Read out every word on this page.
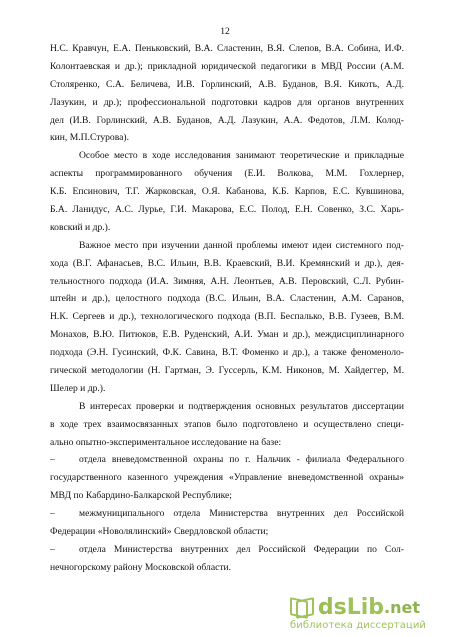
12
Н.С. Кравчун, Е.А. Пеньковский, В.А. Сластенин, В.Я. Слепов, В.А. Собина, И.Ф.
Колонтаевская и др.); прикладной юридической педагогики в МВД России (А.М.
Столяренко, С.А. Беличева, И.В. Горлинский, А.В. Буданов, В.Я. Кикоть, А.Д.
Лазукин, и др.); профессиональной подготовки кадров для органов внутренних
дел (И.В. Горлинский, А.В. Буданов, А.Д. Лазукин, А.А. Федотов, Л.М. Колод-
кин, М.П.Стурова).
Особое место в ходе исследования занимают теоретические и прикладные
аспекты программированного обучения (Е.И. Волкова, М.М. Гохлернер,
К.Б. Епсинович, Т.Г. Жарковская, О.Я. Кабанова, К.Б. Карпов, Е.С. Кувшинова,
Б.А. Ланидус, А.С. Лурье, Г.И. Макарова, Е.С. Полод, Е.Н. Совенко, З.С. Харь-
ковский и др.).
Важное место при изучении данной проблемы имеют идеи системного под-
хода (В.Г. Афанасьев, В.С. Ильин, В.В. Краевский, В.И. Кремянский и др.), дея-
тельностного подхода (И.А. Зимняя, А.Н. Леонтьев, А.В. Перовский, С.Л. Рубин-
штейн и др.), целостного подхода (В.С. Ильин, В.А. Сластенин, А.М. Саранов,
Н.К. Сергеев и др.), технологического подхода (В.П. Беспалько, В.В. Гузеев, В.М.
Монахов, В.Ю. Питюков, Е.В. Руденский, А.И. Уман и др.), междисциплинарного
подхода (Э.Н. Гусинский, Ф.К. Савина, В.Т. Фоменко и др.), а также феноменоло-
гической методологии (Н. Гартман, Э. Гуссерль, К.М. Никонов, М. Хайдеггер, М.
Шелер и др.).
В интересах проверки и подтверждения основных результатов диссертации
в ходе трех взаимосвязанных этапов было подготовлено и осуществлено специ-
ально опытно-экспериментальное исследование на базе:
– отдела вневедомственной охраны по г. Нальчик - филиала Федерального
государственного казенного учреждения «Управление вневедомственной охраны»
МВД по Кабардино-Балкарской Республике;
– межмуниципального отдела Министерства внутренних дел Российской
Федерации «Новолялинский» Свердловской области;
– отдела Министерства внутренних дел Российской Федерации по Сол-
нечногорскому району Московской области.
ds Lib .net
библиотека диссертаций
